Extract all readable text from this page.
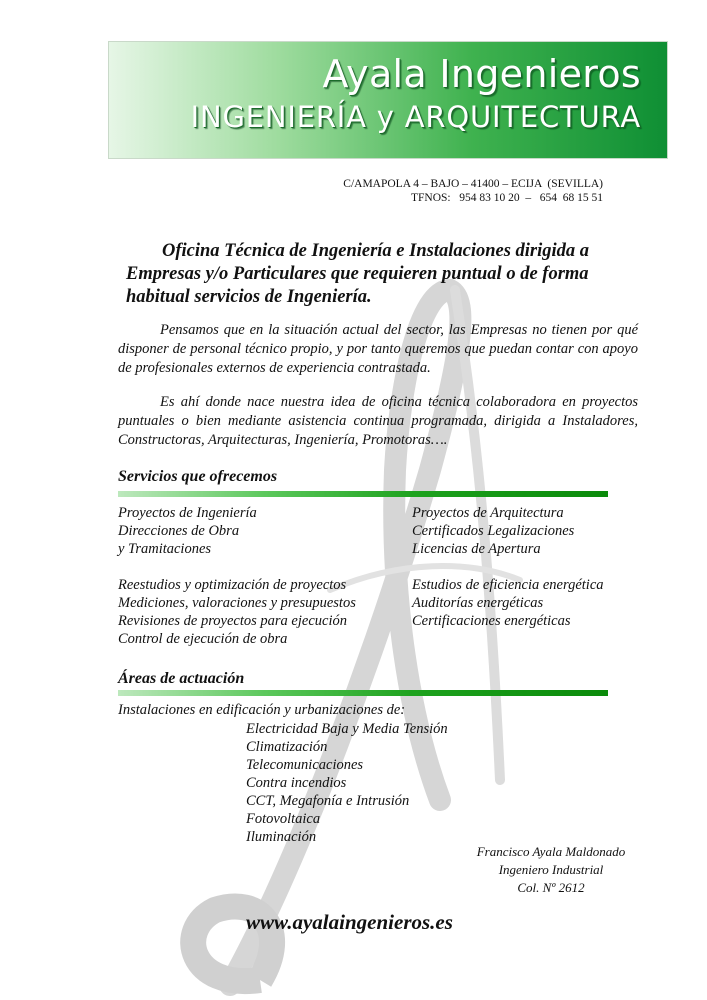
Ayala Ingenieros
INGENIERÍA y ARQUITECTURA
C/AMAPOLA 4 – BAJO – 41400 – ECIJA  (SEVILLA)
TFNOS:   954 83 10 20  –   654  68 15 51
Oficina Técnica de Ingeniería e Instalaciones dirigida a Empresas y/o Particulares que requieren puntual o de forma habitual servicios de Ingeniería.
Pensamos que en la situación actual del sector, las Empresas no tienen por qué disponer de personal técnico propio, y por tanto queremos que puedan contar con apoyo de profesionales externos de experiencia contrastada.
Es ahí donde nace nuestra idea de oficina técnica colaboradora en proyectos puntuales o bien mediante asistencia continua programada, dirigida a Instaladores, Constructoras, Arquitecturas, Ingeniería, Promotoras….
Servicios que ofrecemos
Proyectos de Ingeniería
Direcciones de Obra
y Tramitaciones
Reestudios y optimización de proyectos
Mediciones, valoraciones y presupuestos
Revisiones de proyectos para ejecución
Control de ejecución de obra
Proyectos de Arquitectura
Certificados Legalizaciones
Licencias de Apertura
Estudios de eficiencia energética
Auditorías energéticas
Certificaciones energéticas
Áreas de actuación
Instalaciones en edificación y urbanizaciones de:
Electricidad Baja y Media Tensión
Climatización
Telecomunicaciones
Contra incendios
CCT, Megafonía e Intrusión
Fotovoltaica
Iluminación
Francisco Ayala Maldonado
Ingeniero Industrial
Col. Nº 2612
www.ayalaingenieros.es
